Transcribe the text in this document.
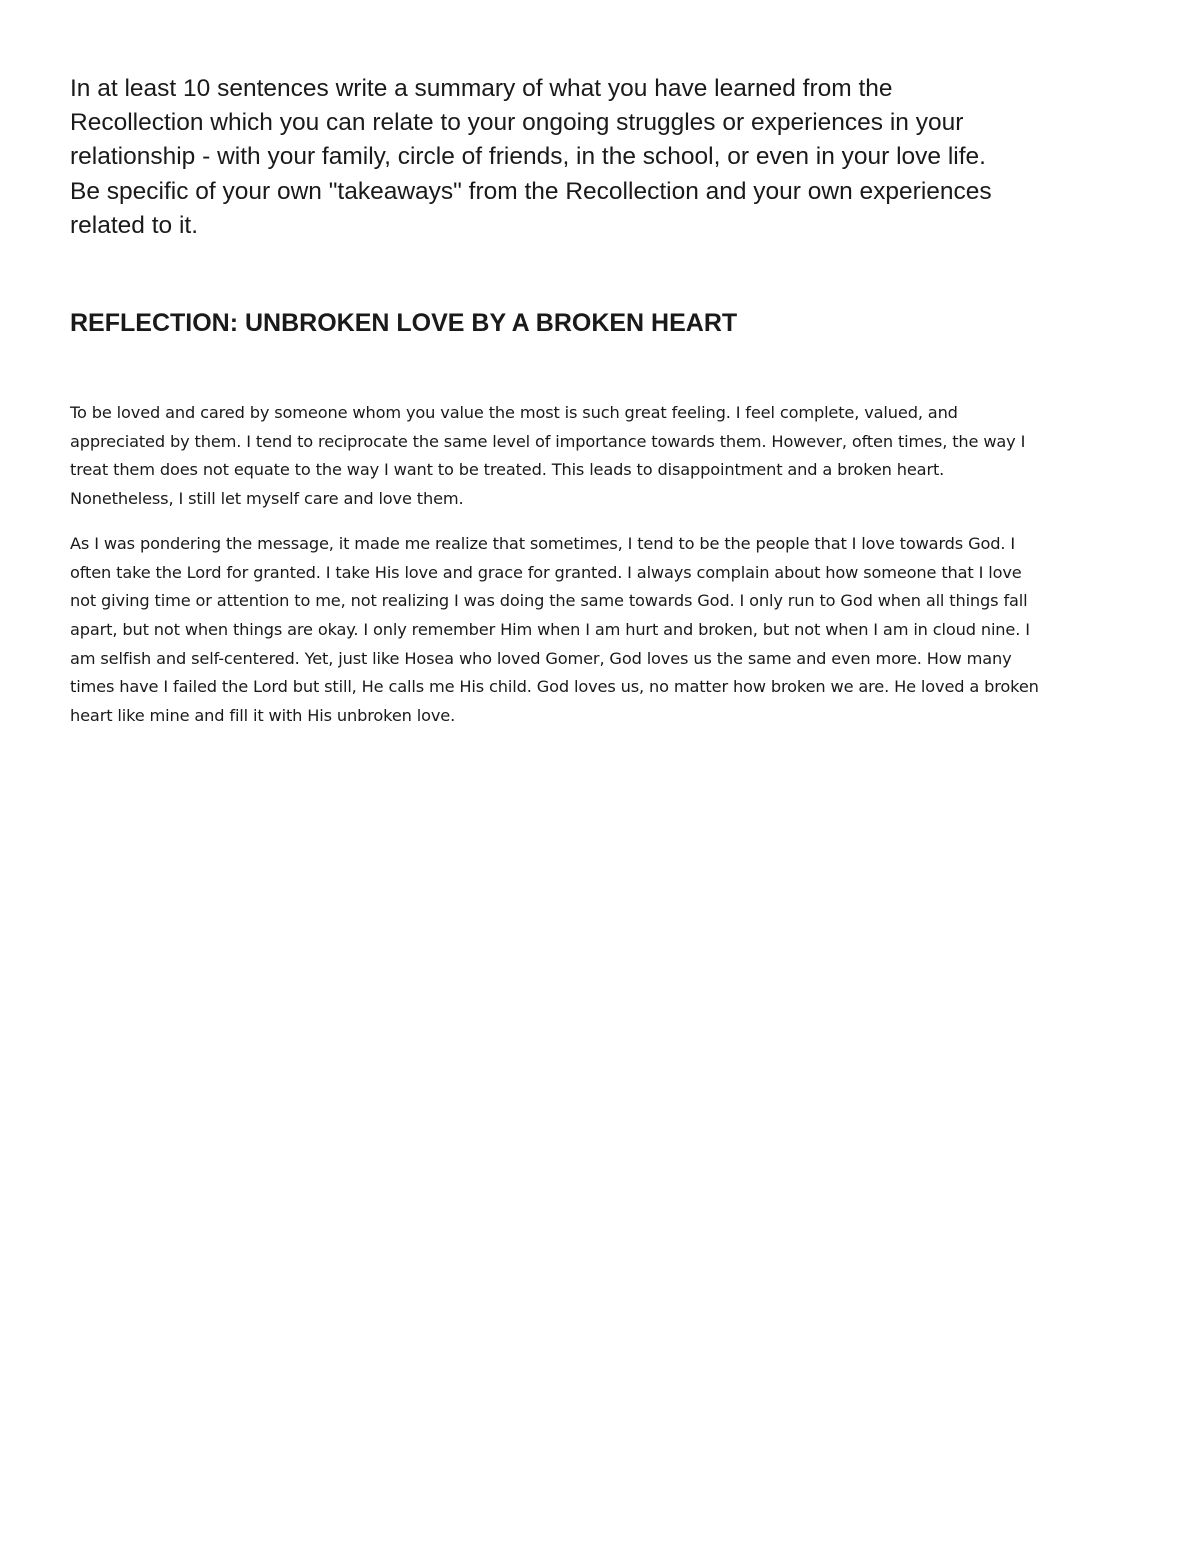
In at least 10 sentences write a summary of what you have learned from the
Recollection which you can relate to your ongoing struggles or experiences in your
relationship - with your family, circle of friends, in the school, or even in your love life.
Be specific of your own "takeaways" from the Recollection and your own experiences
related to it.
REFLECTION: UNBROKEN LOVE BY A BROKEN HEART

To be loved and cared by someone whom you value the most is such great feeling. I feel complete, valued, and
appreciated by them. I tend to reciprocate the same level of importance towards them. However, often times, the way I
treat them does not equate to the way I want to be treated. This leads to disappointment and a broken heart.
Nonetheless, I still let myself care and love them.

As I was pondering the message, it made me realize that sometimes, I tend to be the people that I love towards God. I
often take the Lord for granted. I take His love and grace for granted. I always complain about how someone that I love
not giving time or attention to me, not realizing I was doing the same towards God. I only run to God when all things fall
apart, but not when things are okay. I only remember Him when I am hurt and broken, but not when I am in cloud nine. I
am selfish and self-centered. Yet, just like Hosea who loved Gomer, God loves us the same and even more. How many
times have I failed the Lord but still, He calls me His child. God loves us, no matter how broken we are. He loved a broken
heart like mine and fill it with His unbroken love.
